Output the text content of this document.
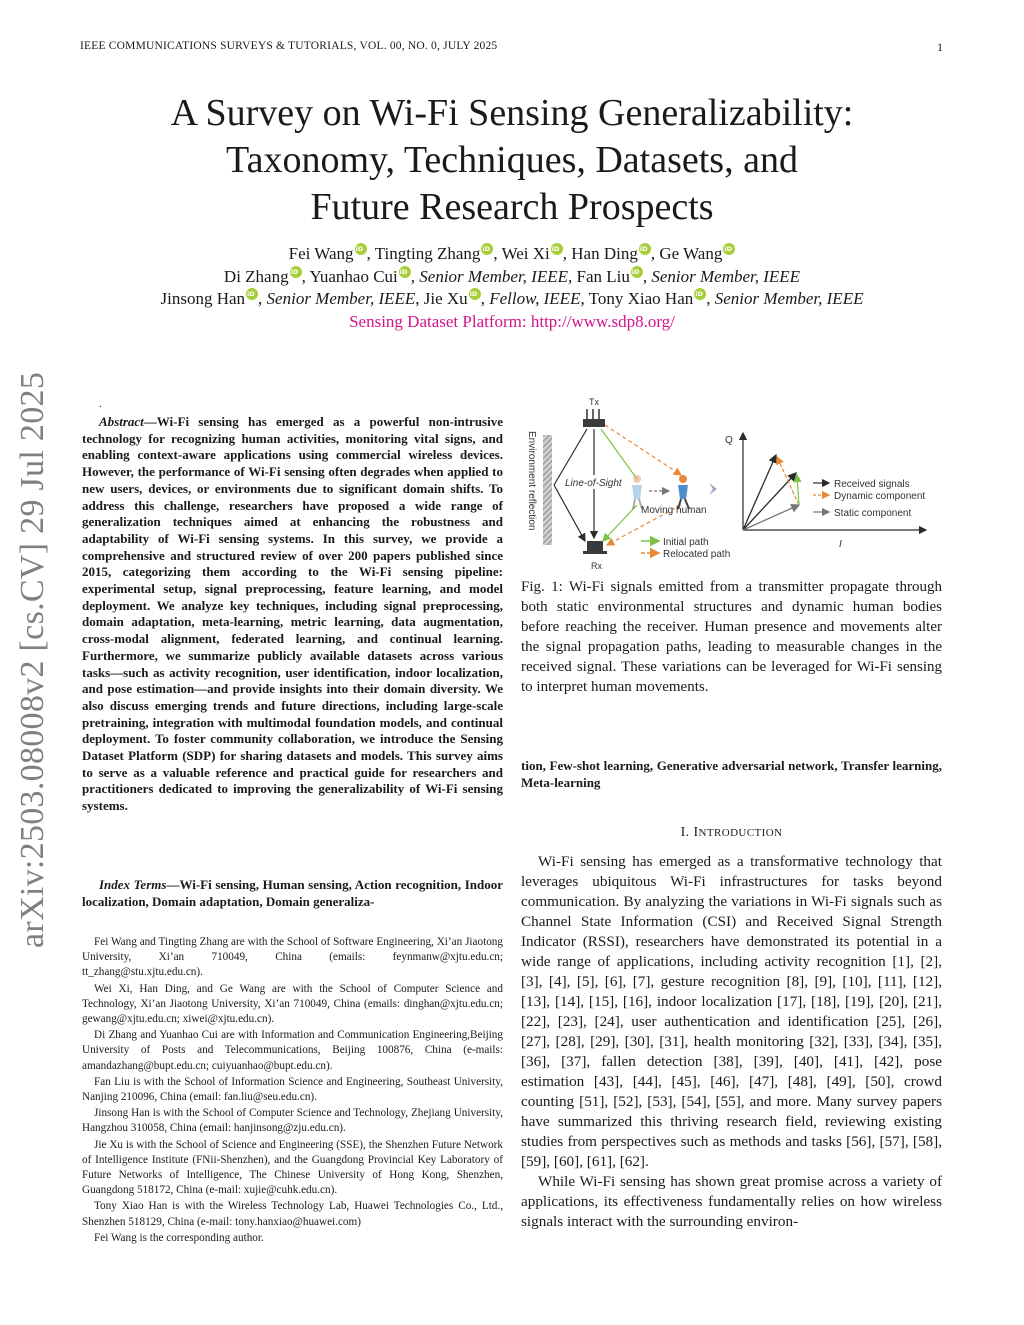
IEEE COMMUNICATIONS SURVEYS & TUTORIALS, VOL. 00, NO. 0, JULY 2025	1
A Survey on Wi-Fi Sensing Generalizability:
Taxonomy, Techniques, Datasets, and
Future Research Prospects
Fei Wang iD , Tingting Zhang iD , Wei Xi iD , Han Ding iD , Ge WangiD
Di Zhang iD , Yuanhao Cui iD , Senior Member, IEEE, Fan Liu iD , Senior Member, IEEE
Jinsong Han iD , Senior Member, IEEE, Jie Xu iD , Fellow, IEEE, Tony Xiao Han iD , Senior Member, IEEE
Sensing Dataset Platform: http://www.sdp8.org/
arXiv:2503.08008v2 [cs.CV] 29 Jul 2025	.
Abstract—Wi-Fi sensing has emerged as a powerful non-intrusive technology for recognizing human activities, monitoring vital signs, and enabling context-aware applications using commercial wireless devices. However, the performance of Wi-Fi sensing often degrades when applied to new users, devices, or environments due to significant domain shifts. To address this challenge, researchers have proposed a wide range of generalization techniques aimed at enhancing the robustness and adaptability of Wi-Fi sensing systems. In this survey, we provide a comprehensive and structured review of over 200 papers published since 2015, categorizing them according to the Wi-Fi sensing pipeline: experimental setup, signal preprocessing, feature learning, and model deployment. We analyze key techniques, including signal preprocessing, domain adaptation, meta-learning, metric learning, data augmentation, cross-modal alignment, federated learning, and continual learning. Furthermore, we summarize publicly available datasets across various tasks—such as activity recognition, user identification, indoor localization, and pose estimation—and provide insights into their domain diversity. We also discuss emerging trends and future directions, including large-scale pretraining, integration with multimodal foundation models, and continual deployment. To foster community collaboration, we introduce the Sensing Dataset Platform (SDP) for sharing datasets and models. This survey aims to serve as a valuable reference and practical guide for researchers and practitioners dedicated to improving the generalizability of Wi-Fi sensing systems.
Index Terms—Wi-Fi sensing, Human sensing, Action recognition, Indoor localization, Domain adaptation, Domain generaliza-

Fei Wang and Tingting Zhang are with the School of Software Engineering, Xi’an Jiaotong University, Xi’an 710049, China (emails: feynmanw@xjtu.edu.cn; tt_zhang@stu.xjtu.edu.cn).

Wei Xi, Han Ding, and Ge Wang are with the School of Computer Science and Technology, Xi’an Jiaotong University, Xi’an 710049, China (emails: dinghan@xjtu.edu.cn; gewang@xjtu.edu.cn; xiwei@xjtu.edu.cn).

Di Zhang and Yuanhao Cui are with Information and Communication Engineering,Beijing University of Posts and Telecommunications, Beijing 100876, China (e-mails: amandazhang@bupt.edu.cn; cuiyuanhao@bupt.edu.cn).

Fan Liu is with the School of Information Science and Engineering, Southeast University, Nanjing 210096, China (email: fan.liu@seu.edu.cn).

Jinsong Han is with the School of Computer Science and Technology, Zhejiang University, Hangzhou 310058, China (email: hanjinsong@zju.edu.cn).

Jie Xu is with the School of Science and Engineering (SSE), the Shenzhen Future Network of Intelligence Institute (FNii-Shenzhen), and the Guangdong Provincial Key Laboratory of Future Networks of Intelligence, The Chinese University of Hong Kong, Shenzhen, Guangdong 518172, China (e-mail: xujie@cuhk.edu.cn).

Tony Xiao Han is with the Wireless Technology Lab, Huawei Technologies Co., Ltd., Shenzhen 518129, China (e-mail: tony.hanxiao@huawei.com)

Fei Wang is the corresponding author.

Environment reflection
Tx
Rx
Line-of-Sight
Moving human
Initial path
Relocated path
Q
I
Received signals
Dynamic component
Static component
Fig. 1: Wi-Fi signals emitted from a transmitter propagate through both static environmental structures and dynamic human bodies before reaching the receiver. Human presence and movements alter the signal propagation paths, leading to measurable changes in the received signal. These variations can be leveraged for Wi-Fi sensing to interpret human movements.
tion, Few-shot learning, Generative adversarial network, Transfer learning, Meta-learning
I. INTRODUCTION

Wi-Fi sensing has emerged as a transformative technology that leverages ubiquitous Wi-Fi infrastructures for tasks beyond communication. By analyzing the variations in Wi-Fi signals such as Channel State Information (CSI) and Received Signal Strength Indicator (RSSI), researchers have demonstrated its potential in a wide range of applications, including activity recognition [1], [2], [3], [4], [5], [6], [7], gesture recognition [8], [9], [10], [11], [12], [13], [14], [15], [16], indoor localization [17], [18], [19], [20], [21], [22], [23], [24], user authentication and identification [25], [26], [27], [28], [29], [30], [31], health monitoring [32], [33], [34], [35], [36], [37], fallen detection [38], [39], [40], [41], [42], pose estimation [43], [44], [45], [46], [47], [48], [49], [50], crowd counting [51], [52], [53], [54], [55], and more. Many survey papers have summarized this thriving research field, reviewing existing studies from perspectives such as methods and tasks [56], [57], [58], [59], [60], [61], [62].

While Wi-Fi sensing has shown great promise across a variety of applications, its effectiveness fundamentally relies on how wireless signals interact with the surrounding environ-
